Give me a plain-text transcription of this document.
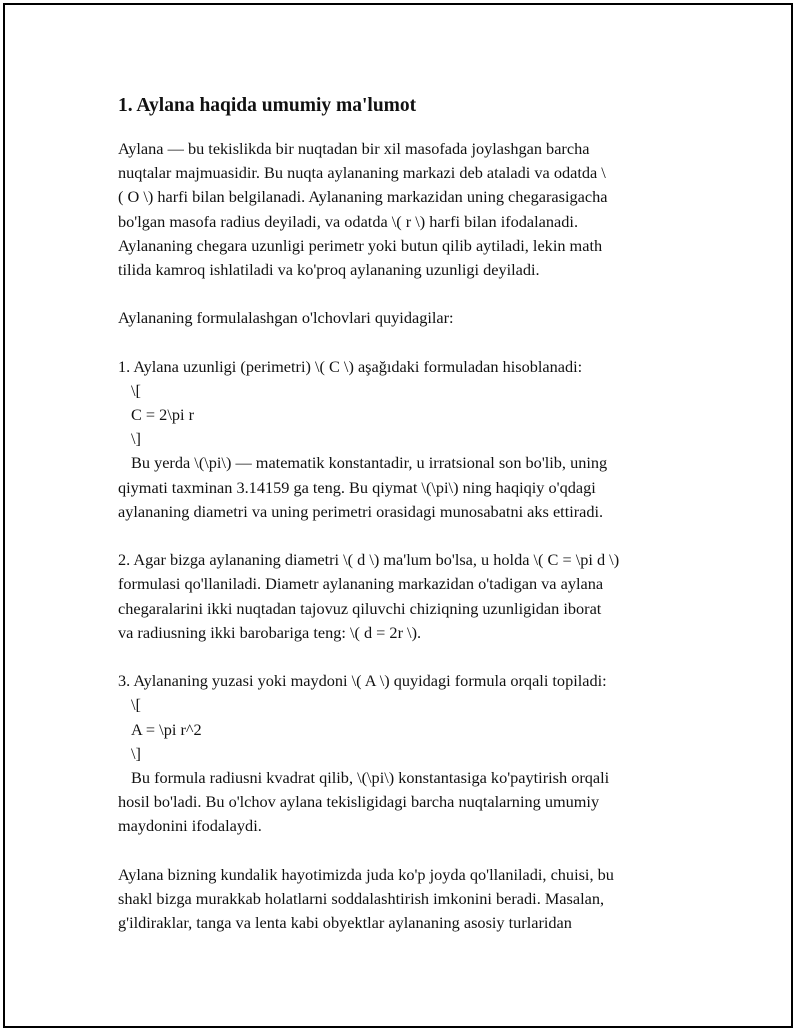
1. Aylana haqida umumiy ma'lumot
Aylana — bu tekislikda bir nuqtadan bir xil masofada joylashgan barcha
nuqtalar majmuasidir. Bu nuqta aylananing markazi deb ataladi va odatda \
( O \) harfi bilan belgilanadi. Aylananing markazidan uning chegarasigacha
bo'lgan masofa radius deyiladi, va odatda \( r \) harfi bilan ifodalanadi.
Aylananing chegara uzunligi perimetr yoki butun qilib aytiladi, lekin math
tilida kamroq ishlatiladi va ko'proq aylananing uzunligi deyiladi.
Aylananing formulalashgan o'lchovlari quyidagilar:
1. Aylana uzunligi (perimetri) \( C \) aşağıdaki formuladan hisoblanadi:
\[
C = 2\pi r
\]
Bu yerda \(\pi\) — matematik konstantadir, u irratsional son bo'lib, uning
qiymati taxminan 3.14159 ga teng. Bu qiymat \(\pi\) ning haqiqiy o'qdagi
aylananing diametri va uning perimetri orasidagi munosabatni aks ettiradi.
2. Agar bizga aylananing diametri \( d \) ma'lum bo'lsa, u holda \( C = \pi d \)
formulasi qo'llaniladi. Diametr aylananing markazidan o'tadigan va aylana
chegaralarini ikki nuqtadan tajovuz qiluvchi chiziqning uzunligidan iborat
va radiusning ikki barobariga teng: \( d = 2r \).
3. Aylananing yuzasi yoki maydoni \( A \) quyidagi formula orqali topiladi:
\[
A = \pi r^2
\]
Bu formula radiusni kvadrat qilib, \(\pi\) konstantasiga ko'paytirish orqali
hosil bo'ladi. Bu o'lchov aylana tekisligidagi barcha nuqtalarning umumiy
maydonini ifodalaydi.
Aylana bizning kundalik hayotimizda juda ko'p joyda qo'llaniladi, chuisi, bu
shakl bizga murakkab holatlarni soddalashtirish imkonini beradi. Masalan,
g'ildiraklar, tanga va lenta kabi obyektlar aylananing asosiy turlaridan
